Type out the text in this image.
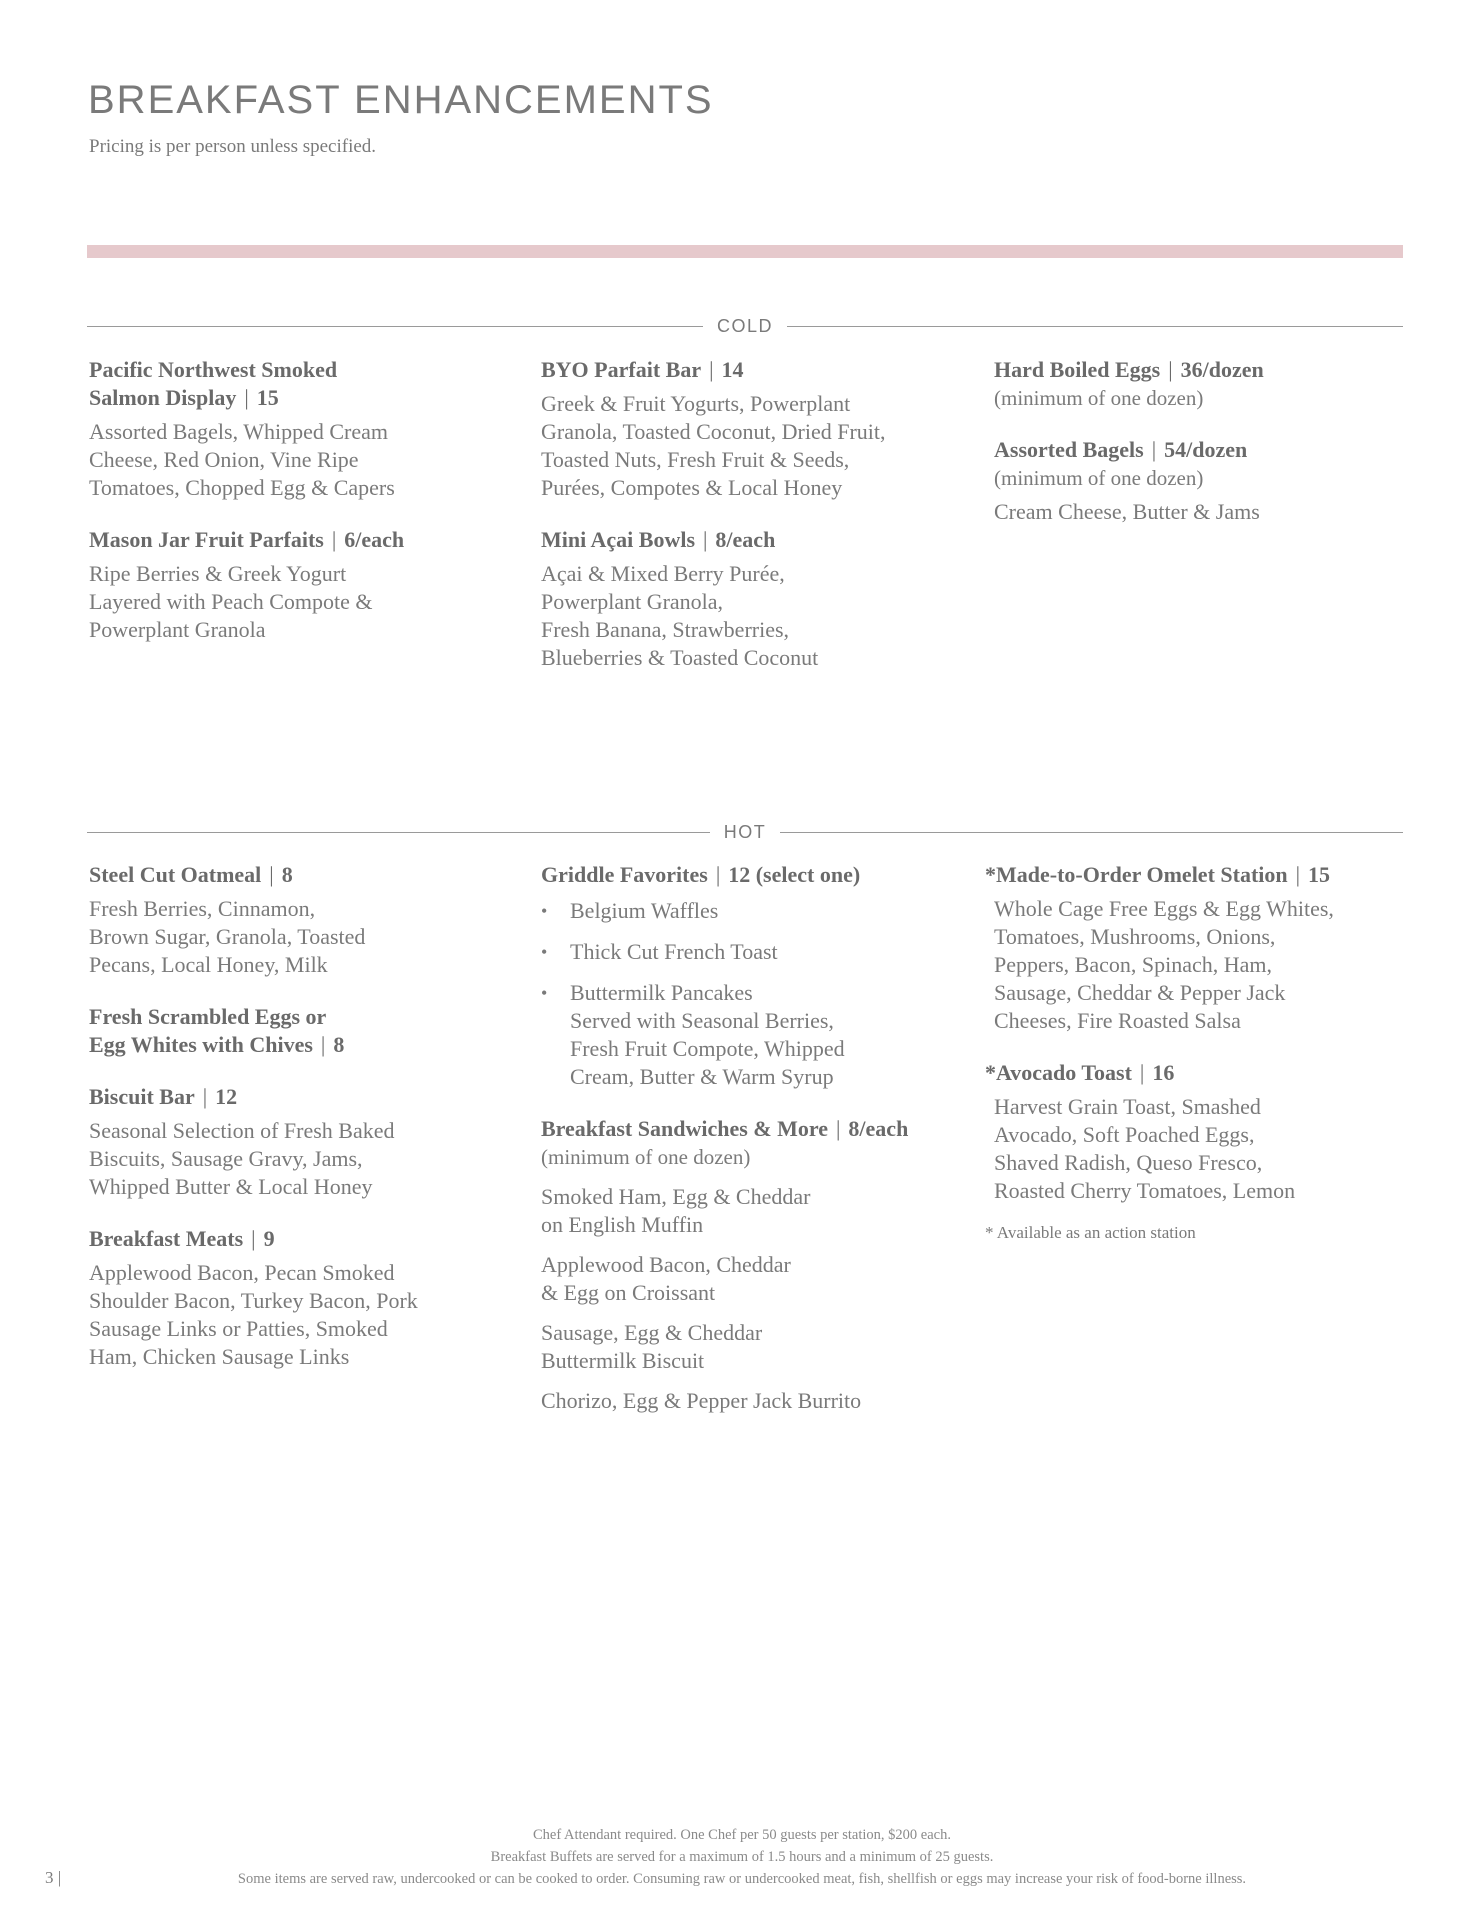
BREAKFAST ENHANCEMENTS
Pricing is per person unless specified.
COLD
Pacific Northwest Smoked
Salmon Display | 15
Assorted Bagels, Whipped Cream
Cheese, Red Onion, Vine Ripe
Tomatoes, Chopped Egg & Capers
Mason Jar Fruit Parfaits | 6/each
Ripe Berries & Greek Yogurt
Layered with Peach Compote &
Powerplant Granola
BYO Parfait Bar | 14
Greek & Fruit Yogurts, Powerplant
Granola, Toasted Coconut, Dried Fruit,
Toasted Nuts, Fresh Fruit & Seeds,
Purées, Compotes & Local Honey
Mini Açai Bowls | 8/each
Açai & Mixed Berry Purée,
Powerplant Granola,
Fresh Banana, Strawberries,
Blueberries & Toasted Coconut
Hard Boiled Eggs | 36/dozen
(minimum of one dozen)
Assorted Bagels | 54/dozen
(minimum of one dozen)
Cream Cheese, Butter & Jams
HOT
Steel Cut Oatmeal | 8
Fresh Berries, Cinnamon,
Brown Sugar, Granola, Toasted
Pecans, Local Honey, Milk
Fresh Scrambled Eggs or
Egg Whites with Chives | 8
Biscuit Bar | 12
Seasonal Selection of Fresh Baked
Biscuits, Sausage Gravy, Jams,
Whipped Butter & Local Honey
Breakfast Meats | 9
Applewood Bacon, Pecan Smoked
Shoulder Bacon, Turkey Bacon, Pork
Sausage Links or Patties, Smoked
Ham, Chicken Sausage Links
Griddle Favorites | 12 (select one)
• Belgium Waffles
• Thick Cut French Toast
• Buttermilk Pancakes
Served with Seasonal Berries,
Fresh Fruit Compote, Whipped
Cream, Butter & Warm Syrup
Breakfast Sandwiches & More | 8/each
(minimum of one dozen)
Smoked Ham, Egg & Cheddar
on English Muffin
Applewood Bacon, Cheddar
& Egg on Croissant
Sausage, Egg & Cheddar
Buttermilk Biscuit
Chorizo, Egg & Pepper Jack Burrito
*Made-to-Order Omelet Station | 15
Whole Cage Free Eggs & Egg Whites,
Tomatoes, Mushrooms, Onions,
Peppers, Bacon, Spinach, Ham,
Sausage, Cheddar & Pepper Jack
Cheeses, Fire Roasted Salsa
*Avocado Toast | 16
Harvest Grain Toast, Smashed
Avocado, Soft Poached Eggs,
Shaved Radish, Queso Fresco,
Roasted Cherry Tomatoes, Lemon
* Available as an action station
Chef Attendant required. One Chef per 50 guests per station, $200 each.
Breakfast Buffets are served for a maximum of 1.5 hours and a minimum of 25 guests.
Some items are served raw, undercooked or can be cooked to order. Consuming raw or undercooked meat, fish, shellfish or eggs may increase your risk of food-borne illness.
3 |
